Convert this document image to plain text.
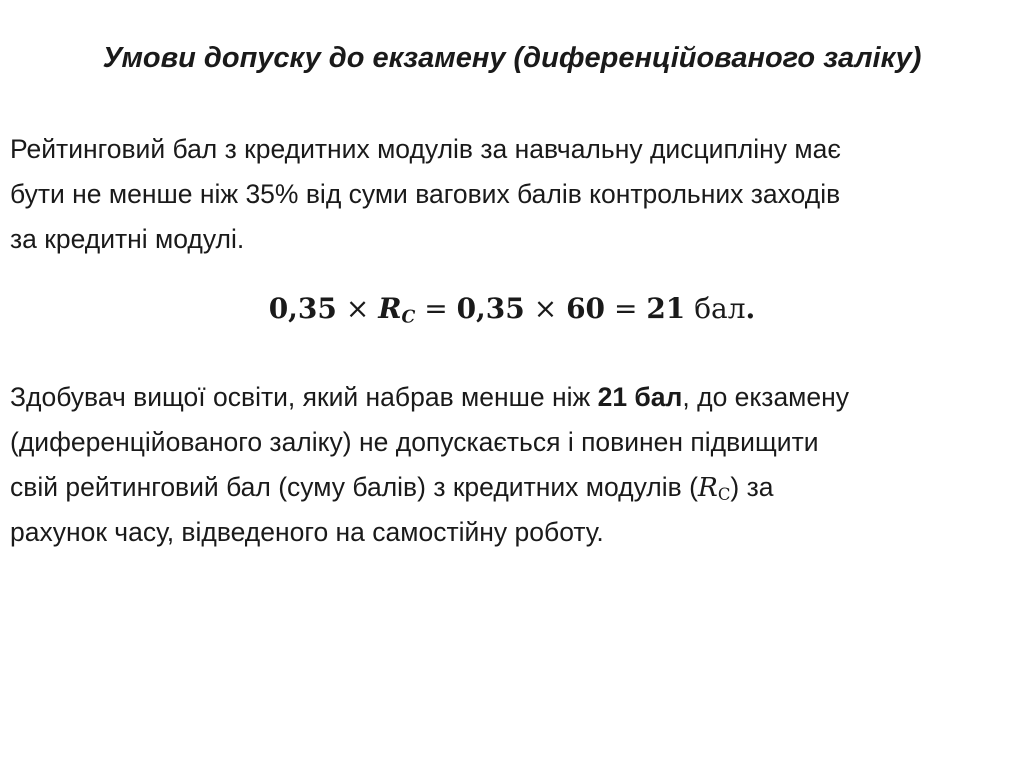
Умови допуску до екзамену (диференційованого заліку)
Рейтинговий бал з кредитних модулів за навчальну дисципліну має
бути не менше ніж 35% від суми вагових балів контрольних заходів
за кредитні модулі.
$0,35 \times R_C = 0,35 \times 60 = 21$ бал.
Здобувач вищої освіти, який набрав менше ніж 21 бал, до екзамену
(диференційованого заліку) не допускається і повинен підвищити
свій рейтинговий бал (суму балів) з кредитних модулів $(R_C)$ за
рахунок часу, відведеного на самостійну роботу.
